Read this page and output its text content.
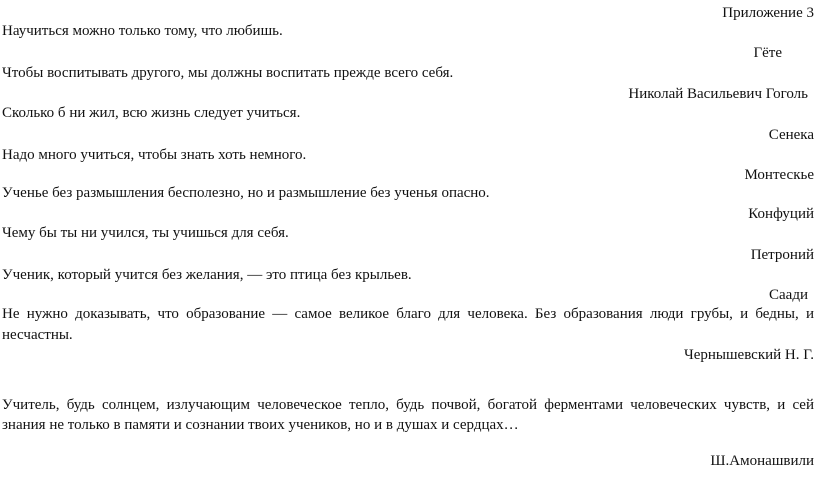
Приложение 3
Научиться можно только тому, что любишь.
Гёте
Чтобы воспитывать другого, мы должны воспитать прежде всего себя.
Николай Васильевич Гоголь
Сколько б ни жил, всю жизнь следует учиться.
Сенека
Надо много учиться, чтобы знать хоть немного.
Монтескье
Ученье без размышления бесполезно, но и размышление без ученья опасно.
Конфуций
Чему бы ты ни учился, ты учишься для себя.
Петроний
Ученик, который учится без желания, — это птица без крыльев.
Саади
Не нужно доказывать, что образование — самое великое благо для человека. Без образования люди грубы, и бедны, и
несчастны.
Чернышевский Н. Г.
Учитель, будь солнцем, излучающим человеческое тепло, будь почвой, богатой ферментами человеческих чувств, и сей
знания не только в памяти и сознании твоих учеников, но и в душах и сердцах…
Ш.Амонашвили
